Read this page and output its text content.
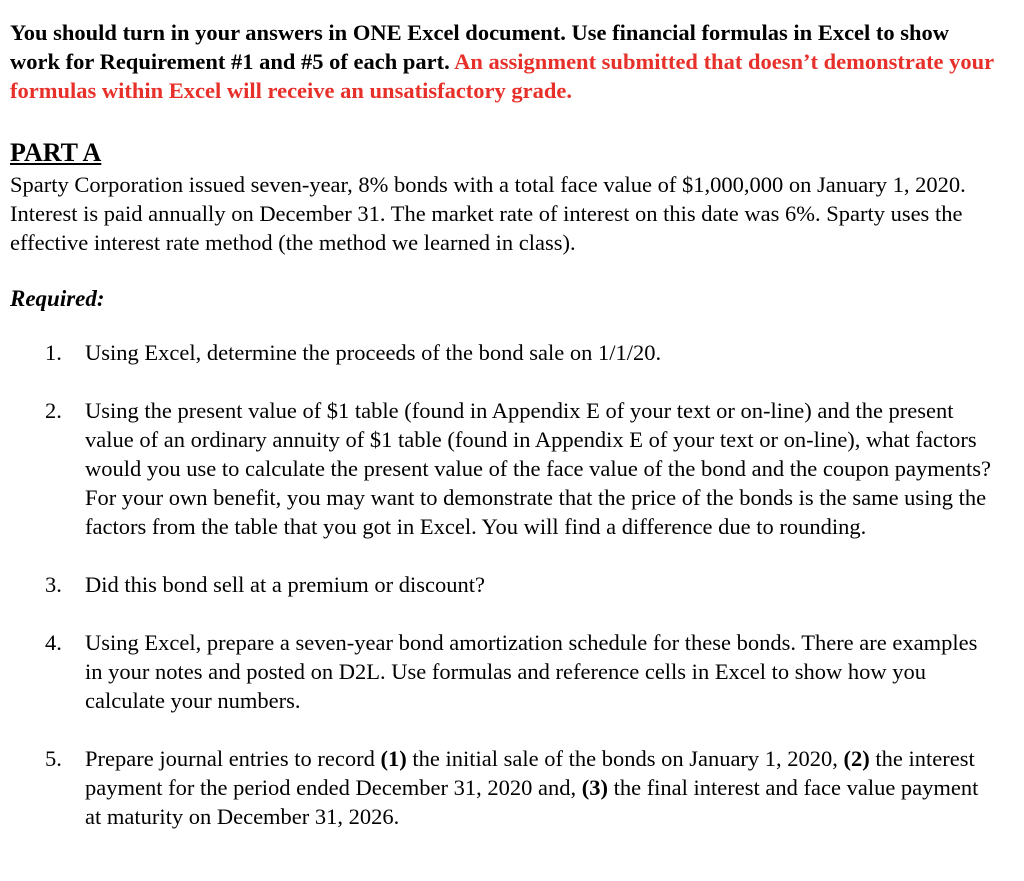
You should turn in your answers in ONE Excel document. Use financial formulas in Excel to show work for Requirement #1 and #5 of each part. An assignment submitted that doesn’t demonstrate your formulas within Excel will receive an unsatisfactory grade.
PART A
Sparty Corporation issued seven-year, 8% bonds with a total face value of $1,000,000 on January 1, 2020. Interest is paid annually on December 31. The market rate of interest on this date was 6%. Sparty uses the effective interest rate method (the method we learned in class).
Required:
1. Using Excel, determine the proceeds of the bond sale on 1/1/20.
2. Using the present value of $1 table (found in Appendix E of your text or on-line) and the present value of an ordinary annuity of $1 table (found in Appendix E of your text or on-line), what factors would you use to calculate the present value of the face value of the bond and the coupon payments? For your own benefit, you may want to demonstrate that the price of the bonds is the same using the factors from the table that you got in Excel. You will find a difference due to rounding.
3. Did this bond sell at a premium or discount?
4. Using Excel, prepare a seven-year bond amortization schedule for these bonds. There are examples in your notes and posted on D2L. Use formulas and reference cells in Excel to show how you calculate your numbers.
5. Prepare journal entries to record (1) the initial sale of the bonds on January 1, 2020, (2) the interest payment for the period ended December 31, 2020 and, (3) the final interest and face value payment at maturity on December 31, 2026.
